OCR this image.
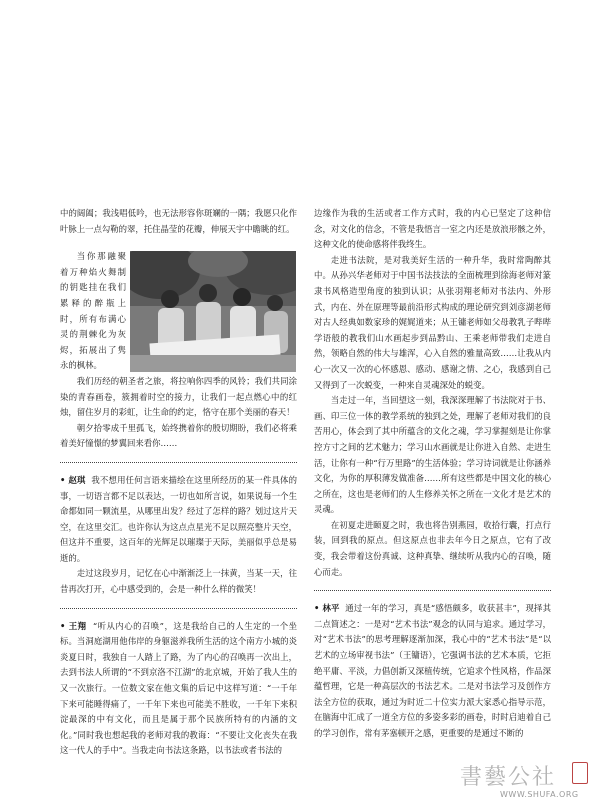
中的阔阖；我浅唱低吟，也无法形容你斑斓的一隅；我愿只化作叶脉上一点勾勒的翠，托住晶莹的花瓣，伸展天宇中瞻眺的红。

当你那融聚着万种焰火舞制的钥匙挂在我们累释的醉瓶上时，所有布满心灵的荆棘化为灰烬，拓展出了隽永的枫林。

我们历经的朝圣者之旅，将拉响你四季的风铃；我们共同涂染的青春画卷，簇拥着时空的接力，让我们一起点燃心中的红烛，留住岁月的彩虹，让生命的约定，恪守在那个美丽的春天！

朝夕拾零成千里孤飞，始终携着你的殷切期盼，我们必将乘着美好憧憬的梦翼回来看你……

• 赵琪 我不想用任何言语来描绘在这里所经历的某一件具体的事，一切语言都不足以表达，一切也如所言说，如果说每一个生命都如同一颗流星，从哪里出发？经过了怎样的路？划过这片天空，在这里交汇。也许你认为这点点星光不足以照亮整片天空，但这并不重要，这百年的光辉足以璀璨于天际，美丽似乎总是易逝的。

走过这段岁月，记忆在心中渐渐泛上一抹黄，当某一天，往昔再次打开，心中感受到的，会是一种什么样的微笑！

• 王翔 “听从内心的召唤”，这是我给自己的人生定的一个坐标。当洞庭湖用他伟岸的身躯滋养我所生活的这个南方小城的炎炎夏日时，我独自一人踏上了路，为了内心的召唤再一次出上，去到书法人所谓的“不到京洛不江湖”的北京城，开始了我人生的又一次旅行。一位数文家在他文集的后记中这样写道：“一千年下来可能睡得痛了，一千年下来也可能美不胜收，一千年下来积淀最深的中有文化，而且是属于那个民族所特有的内涵的文化。”同时我也想起我的老师对我的教诲：“不要让文化丧失在我这一代人的手中”。当我走向书法这条路，以书法或者书法的

边缘作为我的生活或者工作方式时，我的内心已坚定了这种信念，对文化的信念，不管是我悟言一室之内还是放浪形骸之外，这种文化的使命感将伴我终生。

走进书法院，是对我美好生活的一种升华，我时常陶醉其中。从孙兴华老师对于中国书法技法的全面梳理到徐海老师对篆隶书风格造型角度的独到认识；从张羽翔老师对书法内、外形式，内在、外在原理等最前沿形式构成的理论研究到刘彦湖老师对古人经典如数家珍的娓娓道来；从王镛老师如父母教乳子哔哔学语般的教我们山水画起步到品黔山、王乘老师带我们走进自然，领略自然的伟大与雄浑，心入自然的雅量高致……让我从内心一次又一次的心怀感恩、感动、感谢之情、之心，我感到自己又得到了一次蜕变，一种来自灵魂深处的蜕变。

当走过一年，当回望这一刻，我深深理解了书法院对于书、画、印三位一体的教学系统的独到之处，理解了老师对我们的良苦用心，体会到了其中所蕴含的文化之魂，学习掌握刻是让你掌控方寸之间的艺术魅力；学习山水画就是让你进入自然、走进生活，让你有一种“行万里路”的生活体验；学习诗词就是让你涵养文化，为你的厚积薄发做准备……所有这些都是中国文化的核心之所在，这也是老师们的人生修养关怀之所在一文化才是艺术的灵魂。

在初夏走进颐夏之时，我也将告别燕园，收拾行囊，打点行装，回到我的原点。但这原点也非去年今日之原点，它有了改变，我会带着这份真诚、这种真挚、继续听从我内心的召唤，随心而走。

• 林平 通过一年的学习，真是“感悟颇多，收获甚丰”，现择其二点简述之：一是对“艺术书法”观念的认同与追求。通过学习，对“艺术书法”的思考理解逐渐加深，我心中的“艺术书法”是“以艺术的立场审视书法”（王镛语），它强调书法的艺术本质，它拒绝平庸、平淡，力倡创新又深植传统，它追求个性风格，作品深蕴哲理，它是一种高层次的书法艺术。二是对书法学习及创作方法全方位的获取，通过为时近二十位实力派大家悉心指导示范，在脑海中汇成了一道全方位的多姿多彩的画卷，时时启迪着自己的学习创作，常有茅塞顿开之感，更重要的是通过不断的

書藝公社
WWW.SHUFA.ORG
